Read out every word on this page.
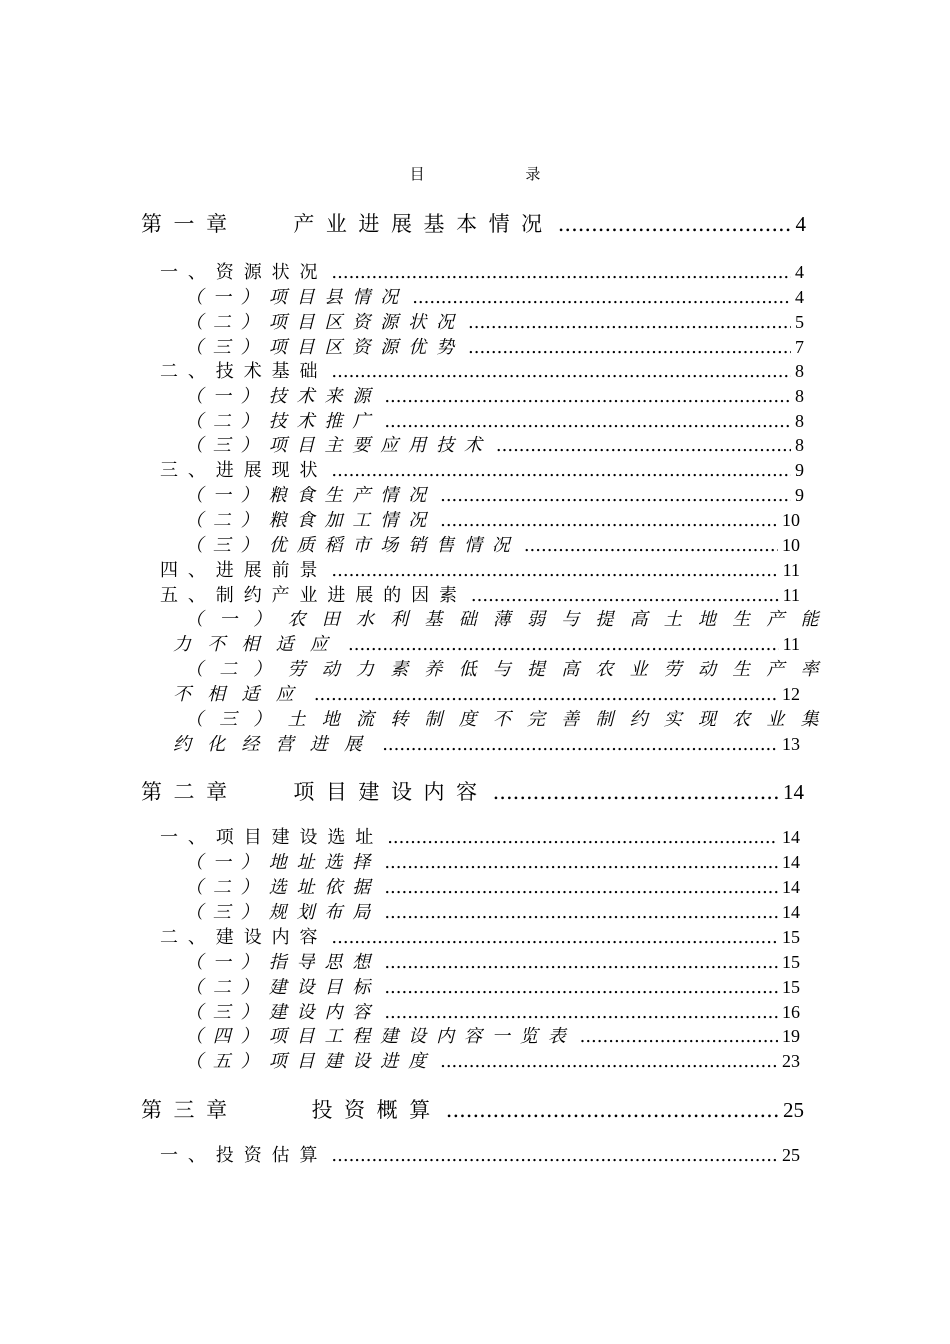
目 录
第一章   产业进展基本情况 .....	4
一、资源状况 .....	4
（一）项目县情况 .....	4
（二）项目区资源状况 .....	5
（三）项目区资源优势 .....	7
二、技术基础 .....	8
（一）技术来源 .....	8
（二）技术推广 .....	8
（三）项目主要应用技术 .....	8
三、进展现状 .....	9
（一）粮食生产情况 .....	9
（二）粮食加工情况 .....	10
（三）优质稻市场销售情况 .....	10
四、进展前景 .....	11
五、制约产业进展的因素 .....	11
（一）农田水利基础薄弱与提高土地生产能
力不相适应 .....	11
（二）劳动力素养低与提高农业劳动生产率
不相适应 .....	12
（三）土地流转制度不完善制约实现农业集
约化经营进展 .....	13
第二章   项目建设内容 .....	14
一、项目建设选址 .....	14
（一）地址选择 .....	14
（二）选址依据 .....	14
（三）规划布局 .....	14
二、建设内容 .....	15
（一）指导思想 .....	15
（二）建设目标 .....	15
（三）建设内容 .....	16
（四）项目工程建设内容一览表 .....	19
（五）项目建设进度 .....	23
第三章    投资概算 .....	25
一、投资估算 .....	25
